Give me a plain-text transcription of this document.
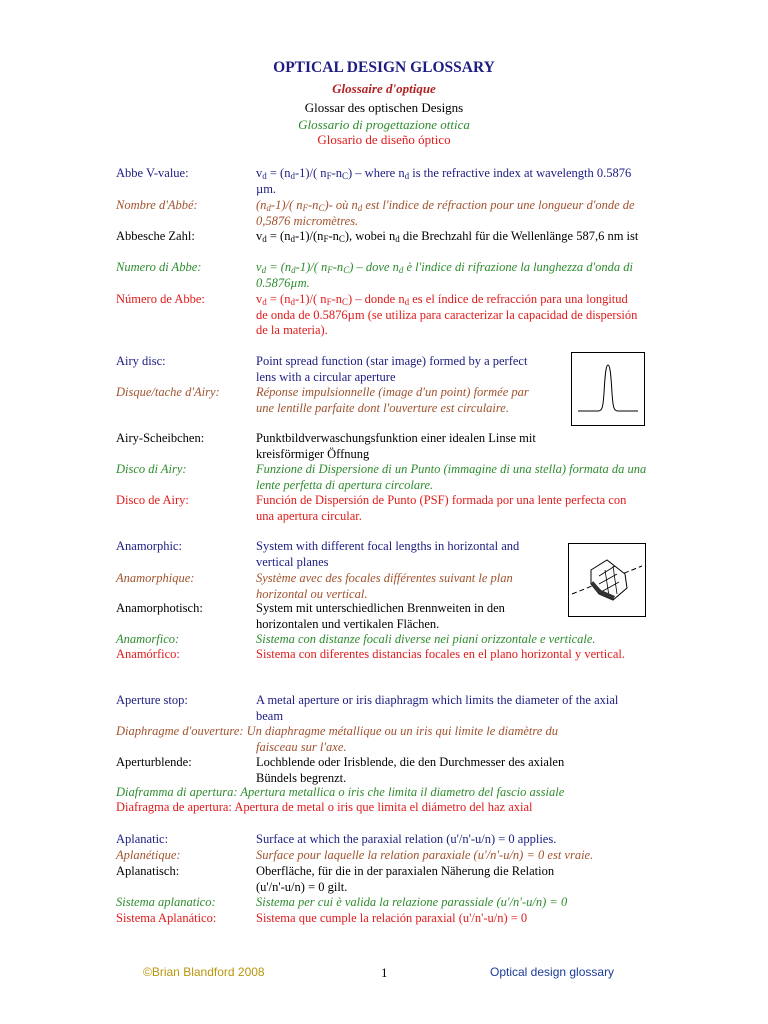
OPTICAL DESIGN GLOSSARY
Glossaire d'optique
Glossar des optischen Designs
Glossario di progettazione ottica
Glosario de diseño óptico
Abbe V-value:	$v_d = (n_d-1)/$( $n_F-n_C$) – where $n_d$ is the refractive index at wavelength 0.5876 µm.
Nombre d'Abbé:	$(n_d-1)/$( $n_F-n_C)-$ où $n_d$ est l'indice de réfraction pour une longueur d'onde de 0,5876 micromètres.
Abbesche Zahl:	$v_d = (n_d-1)/(n_F-n_C)$, wobei $n_d$ die Brechzahl für die Wellenlänge 587,6 nm ist
Numero di Abbe:	$v_d = (n_d-1)/$( $n_F-n_C$) – dove $n_d$ è l'indice di rifrazione la lunghezza d'onda di 0.5876µm.
Número de Abbe:	$v_d = (n_d-1)/$( $n_F-n_C$) – donde $n_d$ es el índice de refracción para una longitud de onda de 0.5876µm (se utiliza para caracterizar la capacidad de dispersión de la materia).
Airy disc:	Point spread function (star image) formed by a perfect lens with a circular aperture
Disque/tache d'Airy:	Réponse impulsionnelle (image d'un point) formée par une lentille parfaite dont l'ouverture est circulaire.
Airy-Scheibchen:	Punktbildverwaschungsfunktion einer idealen Linse mit kreisförmiger Öffnung
Disco di Airy:	Funzione di Dispersione di un Punto (immagine di una stella) formata da una lente perfetta di apertura circolare.
Disco de Airy:	Función de Dispersión de Punto (PSF) formada por una lente perfecta con una apertura circular.
Anamorphic:	System with different focal lengths in horizontal and vertical planes
Anamorphique:	Système avec des focales différentes suivant le plan horizontal ou vertical.
Anamorphotisch:	System mit unterschiedlichen Brennweiten in den horizontalen und vertikalen Flächen.
Anamorfico:	Sistema con distanze focali diverse nei piani orizzontale e verticale.
Anamórfico:	Sistema con diferentes distancias focales en el plano horizontal y vertical.
Aperture stop:	A metal aperture or iris diaphragm which limits the diameter of the axial beam
Diaphragme d'ouverture: Un diaphragme métallique ou un iris qui limite le diamètre du
faisceau sur l'axe.
Aperturblende:	Lochblende oder Irisblende, die den Durchmesser des axialen Bündels begrenzt.
Diaframma di apertura: Apertura metallica o iris che limita il diametro del fascio assiale
Diafragma de apertura: Apertura de metal o iris que limita el diámetro del haz axial
Aplanatic:	Surface at which the paraxial relation (u'/n'-u/n) = 0 applies.
Aplanétique:	Surface pour laquelle la relation paraxiale (u'/n'-u/n) = 0 est vraie.
Aplanatisch:	Oberfläche, für die in der paraxialen Näherung die Relation (u'/n'-u/n) = 0 gilt.
Sistema aplanatico:	Sistema per cui è valida la relazione parassiale (u'/n'-u/n) = 0
Sistema Aplanático:	Sistema que cumple la relación paraxial (u'/n'-u/n) = 0
©Brian Blandford 2008	1	Optical design glossary
